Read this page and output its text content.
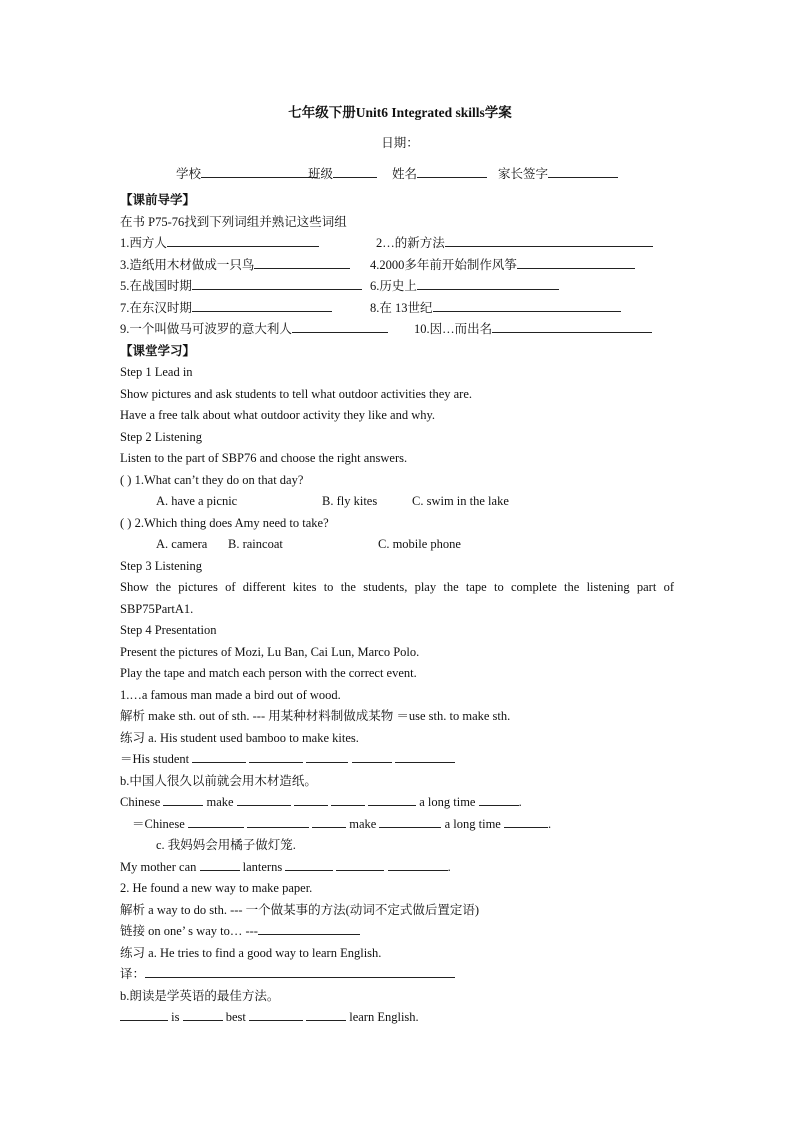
七年级下册Unit6 Integrated skills学案
日期：
学校	班级	姓名	家长签字
【课前导学】
在书 P75-76找到下列词组并熟记这些词组
1.西方人	2…的新方法
3.造纸用木材做成一只鸟	4.2000多年前开始制作风筝
5.在战国时期	6.历史上
7.在东汉时期	8.在 13世纪
9.一个叫做马可波罗的意大利人	10.因…而出名
【课堂学习】
Step 1 Lead in
Show pictures and ask students to tell what outdoor activities they are.
Have a free talk about what outdoor activity they like and why.
Step 2 Listening
Listen to the part of SBP76 and choose the right answers.
( ) 1.What can’t they do on that day?
A. have a picnic	B. fly kites	C. swim in the lake
( ) 2.Which thing does Amy need to take?
A. camera B. raincoat	C. mobile phone
Step 3 Listening
Show the pictures of different kites to the students, play the tape to complete the listening part of
SBP75PartA1.
Step 4 Presentation
Present the pictures of Mozi, Lu Ban, Cai Lun, Marco Polo.
Play the tape and match each person with the correct event.
1.…a famous man made a bird out of wood.
解析 make sth. out of sth. --- 用某种材料制做成某物 ＝use sth. to make sth.
练习 a. His student used bamboo to make kites.
＝His student
b.中国人很久以前就会用木材造纸。
Chinese	make	a long time	.
＝Chinese	make	a long time	.
c. 我妈妈会用橘子做灯笼.
My mother can	lanterns	.
2. He found a new way to make paper.
解析 a way to do sth. --- 一个做某事的方法(动词不定式做后置定语)
链接 on one’ s way to… ---
练习 a. He tries to find a good way to learn English.
译：
b.朗读是学英语的最佳方法。
is	best	learn English.
